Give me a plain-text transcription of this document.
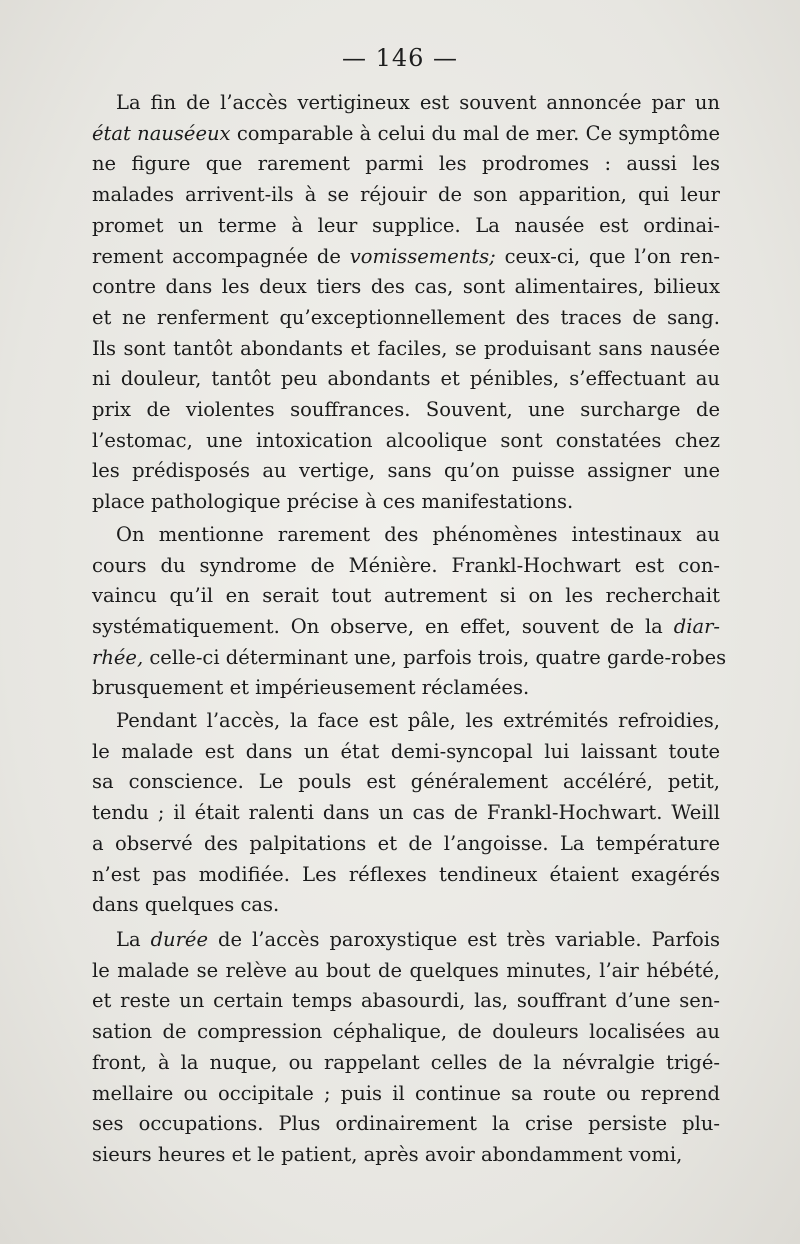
— 146 —
La fin de l’accès vertigineux est souvent annoncée par un
état nauséeux comparable à celui du mal de mer. Ce symptôme
ne figure que rarement parmi les prodromes : aussi les
malades arrivent-ils à se réjouir de son apparition, qui leur
promet un terme à leur supplice. La nausée est ordinai-
rement accompagnée de vomissements; ceux-ci, que l’on ren-
contre dans les deux tiers des cas, sont alimentaires, bilieux
et ne renferment qu’exceptionnellement des traces de sang.
Ils sont tantôt abondants et faciles, se produisant sans nausée
ni douleur, tantôt peu abondants et pénibles, s’effectuant au
prix de violentes souffrances. Souvent, une surcharge de
l’estomac, une intoxication alcoolique sont constatées chez
les prédisposés au vertige, sans qu’on puisse assigner une
place pathologique précise à ces manifestations.
On mentionne rarement des phénomènes intestinaux au
cours du syndrome de Ménière. Frankl-Hochwart est con-
vaincu qu’il en serait tout autrement si on les recherchait
systématiquement. On observe, en effet, souvent de la diar-
rhée, celle-ci déterminant une, parfois trois, quatre garde-robes
brusquement et impérieusement réclamées.
Pendant l’accès, la face est pâle, les extrémités refroidies,
le malade est dans un état demi-syncopal lui laissant toute
sa conscience. Le pouls est généralement accéléré, petit,
tendu ; il était ralenti dans un cas de Frankl-Hochwart. Weill
a observé des palpitations et de l’angoisse. La température
n’est pas modifiée. Les réflexes tendineux étaient exagérés
dans quelques cas.
La durée de l’accès paroxystique est très variable. Parfois
le malade se relève au bout de quelques minutes, l’air hébété,
et reste un certain temps abasourdi, las, souffrant d’une sen-
sation de compression céphalique, de douleurs localisées au
front, à la nuque, ou rappelant celles de la névralgie trigé-
mellaire ou occipitale ; puis il continue sa route ou reprend
ses occupations. Plus ordinairement la crise persiste plu-
sieurs heures et le patient, après avoir abondamment vomi,
